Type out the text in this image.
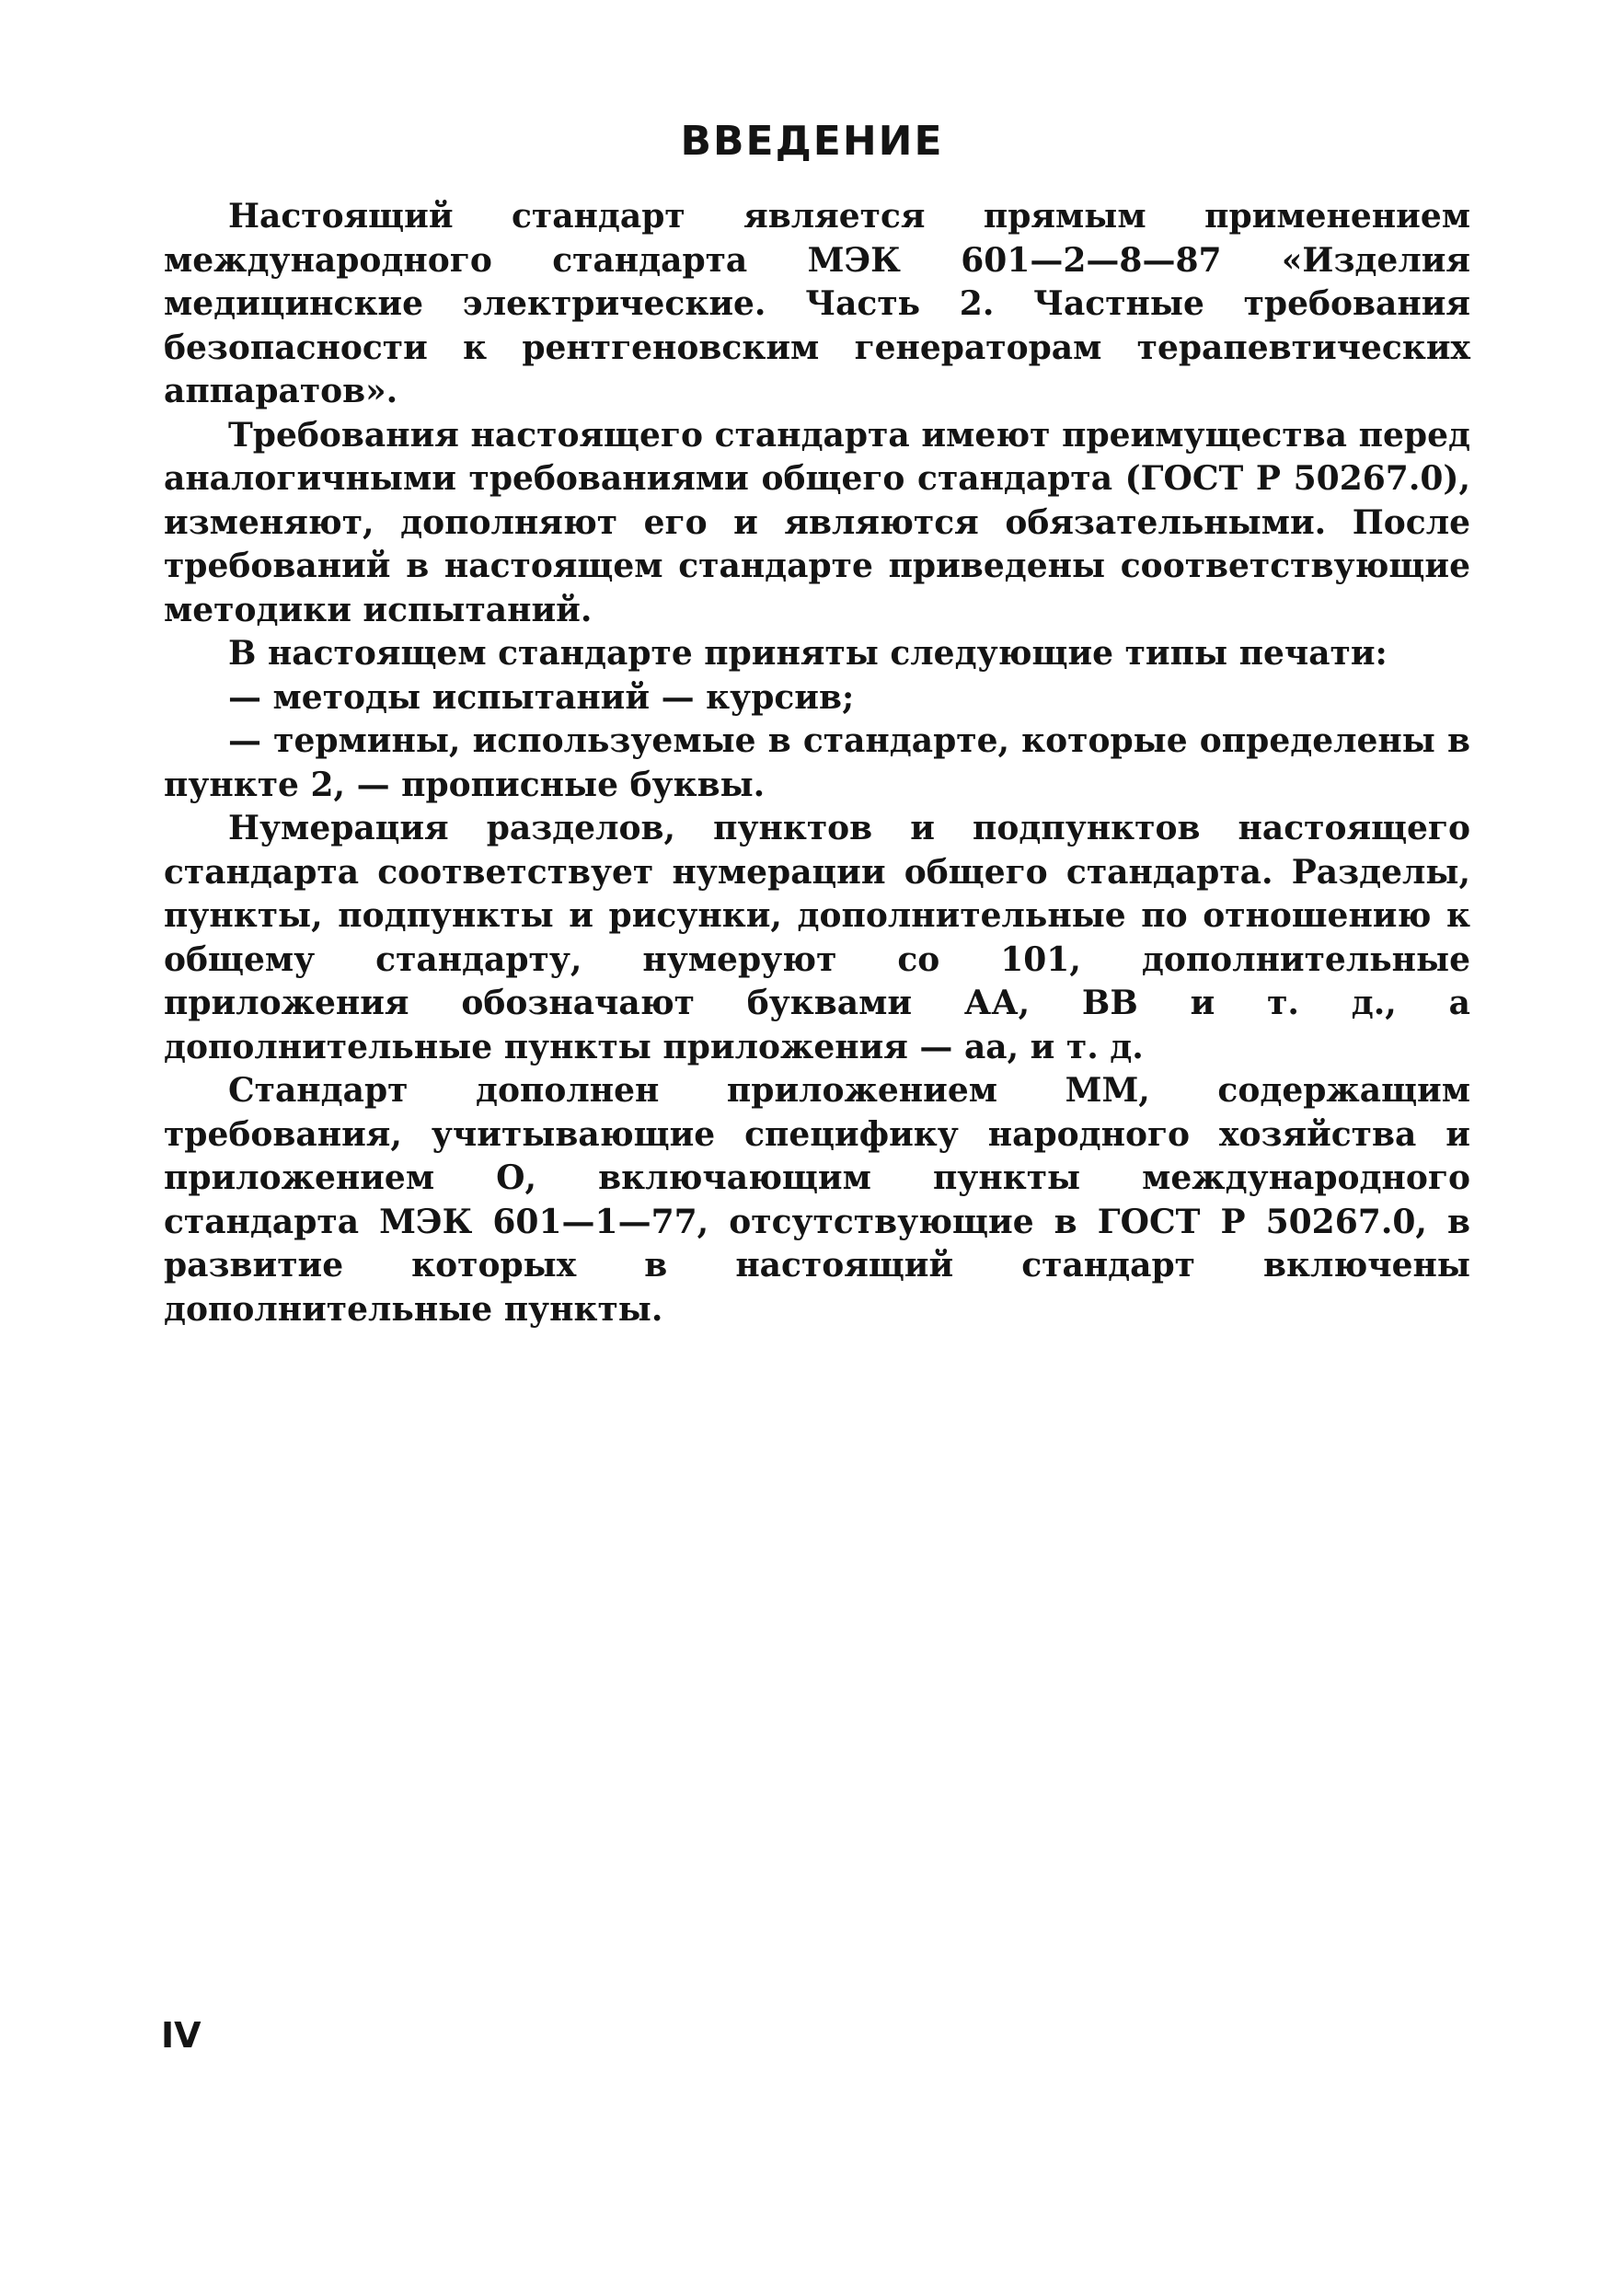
ВВЕДЕНИЕ

Настоящий стандарт является прямым применением международного стандарта МЭК 601—2—8—87 «Изделия медицинские электрические. Часть 2. Частные требования безопасности к рентгеновским генераторам терапевтических аппаратов».

Требования настоящего стандарта имеют преимущества перед аналогичными требованиями общего стандарта (ГОСТ Р 50267.0), изменяют, дополняют его и являются обязательными. После требований в настоящем стандарте приведены соответствующие методики испытаний.

В настоящем стандарте приняты следующие типы печати:

— методы испытаний — курсив;

— термины, используемые в стандарте, которые определены в пункте 2, — прописные буквы.

Нумерация разделов, пунктов и подпунктов настоящего стандарта соответствует нумерации общего стандарта. Разделы, пункты, подпункты и рисунки, дополнительные по отношению к общему стандарту, нумеруют со 101, дополнительные приложения обозначают буквами АА, ВВ и т. д., а дополнительные пункты приложения — аа, и т. д.

Стандарт дополнен приложением ММ, содержащим требования, учитывающие специфику народного хозяйства и приложением О, включающим пункты международного стандарта МЭК 601—1—77, отсутствующие в ГОСТ Р 50267.0, в развитие которых в настоящий стандарт включены дополнительные пункты.

IV
